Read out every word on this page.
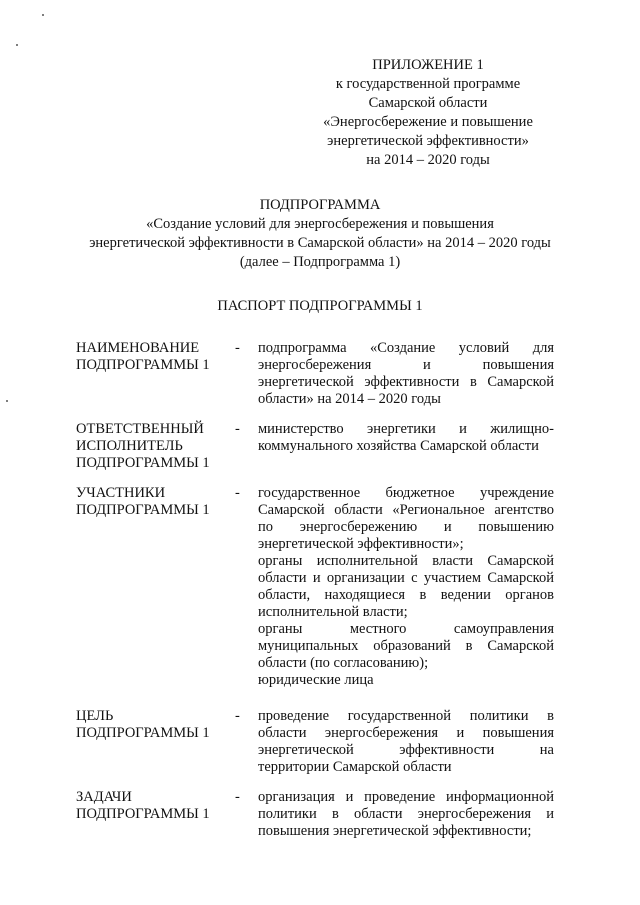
ПРИЛОЖЕНИЕ 1
к государственной программе
Самарской области
«Энергосбережение и повышение
энергетической эффективности»
на 2014 – 2020 годы
ПОДПРОГРАММА
«Создание условий для энергосбережения и повышения
энергетической эффективности в Самарской области» на 2014 – 2020 годы
(далее – Подпрограмма 1)
ПАСПОРТ ПОДПРОГРАММЫ 1
НАИМЕНОВАНИЕ
ПОДПРОГРАММЫ 1
- подпрограмма «Создание условий для
энергосбережения и повышения
энергетической эффективности в Самарской
области» на 2014 – 2020 годы
ОТВЕТСТВЕННЫЙ
ИСПОЛНИТЕЛЬ
ПОДПРОГРАММЫ 1
- министерство энергетики и жилищно-
коммунального хозяйства Самарской области
УЧАСТНИКИ
ПОДПРОГРАММЫ 1
- государственное бюджетное учреждение
Самарской области «Региональное агентство
по энергосбережению и повышению
энергетической эффективности»;
органы исполнительной власти Самарской
области и организации с участием Самарской
области, находящиеся в ведении органов
исполнительной власти;
органы местного самоуправления
муниципальных образований в Самарской
области (по согласованию);
юридические лица
ЦЕЛЬ
ПОДПРОГРАММЫ 1
- проведение государственной политики в
области энергосбережения и повышения
энергетической эффективности на
территории Самарской области
ЗАДАЧИ
ПОДПРОГРАММЫ 1
- организация и проведение информационной
политики в области энергосбережения и
повышения энергетической эффективности;
